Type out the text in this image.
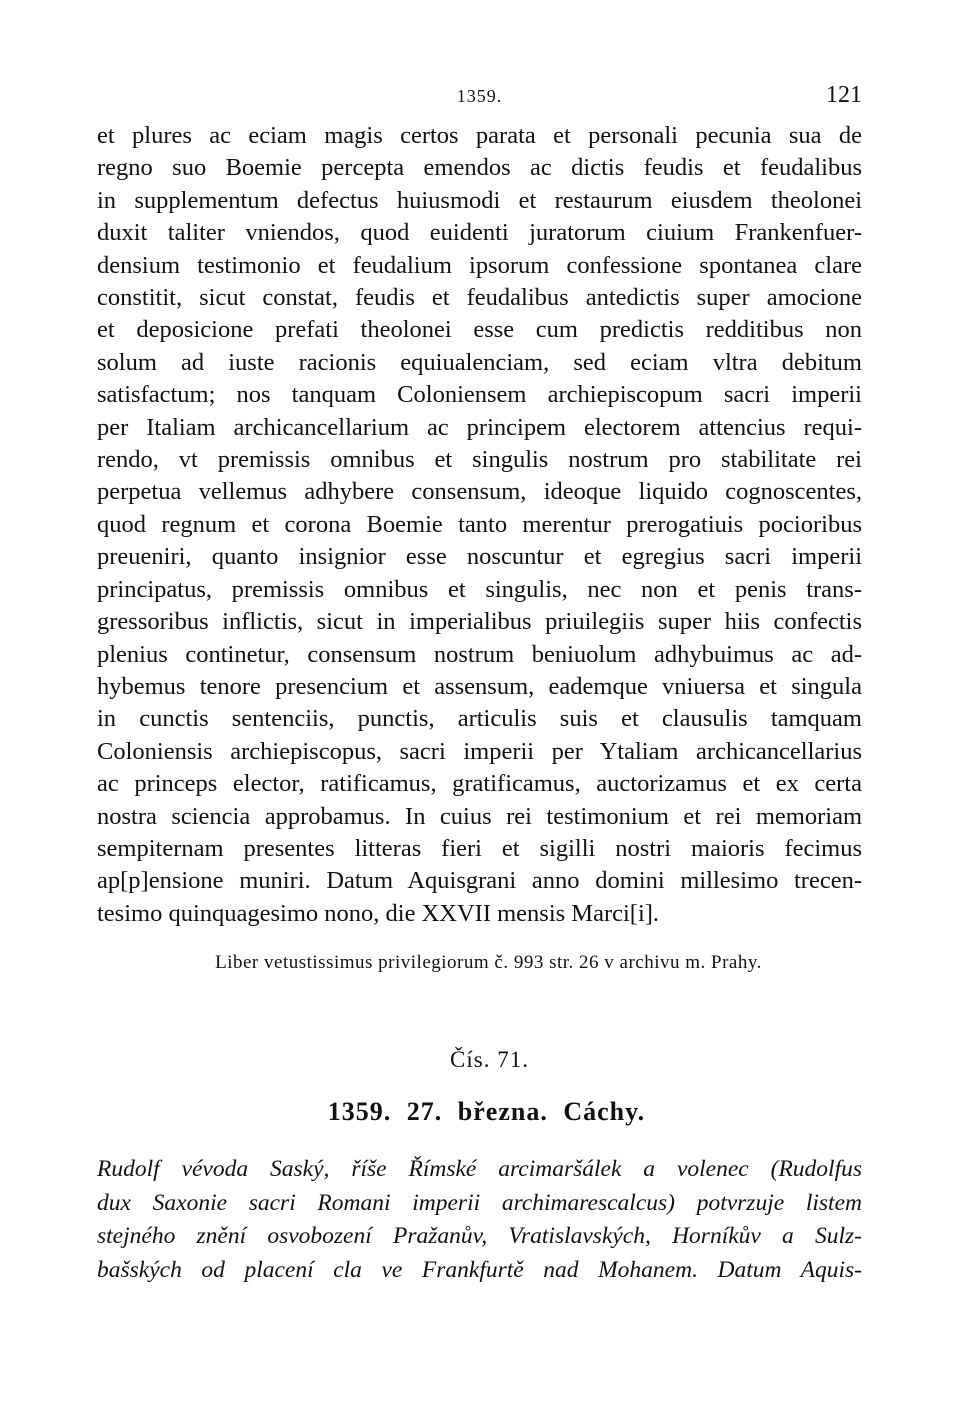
1359.	121
et plures ac eciam magis certos parata et personali pecunia sua de
regno suo Boemie percepta emendos ac dictis feudis et feudalibus
in supplementum defectus huiusmodi et restaurum eiusdem theolonei
duxit taliter vniendos, quod euidenti juratorum ciuium Frankenfuer-
densium testimonio et feudalium ipsorum confessione spontanea clare
constitit, sicut constat, feudis et feudalibus antedictis super amocione
et deposicione prefati theolonei esse cum predictis redditibus non
solum ad iuste racionis equiualenciam, sed eciam vltra debitum
satisfactum; nos tanquam Coloniensem archiepiscopum sacri imperii
per Italiam archicancellarium ac principem electorem attencius requi-
rendo, vt premissis omnibus et singulis nostrum pro stabilitate rei
perpetua vellemus adhybere consensum, ideoque liquido cognoscentes,
quod regnum et corona Boemie tanto merentur prerogatiuis pocioribus
preueniri, quanto insignior esse noscuntur et egregius sacri imperii
principatus, premissis omnibus et singulis, nec non et penis trans-
gressoribus inflictis, sicut in imperialibus priuilegiis super hiis confectis
plenius continetur, consensum nostrum beniuolum adhybuimus ac ad-
hybemus tenore presencium et assensum, eademque vniuersa et singula
in cunctis sentenciis, punctis, articulis suis et clausulis tamquam
Coloniensis archiepiscopus, sacri imperii per Ytaliam archicancellarius
ac princeps elector, ratificamus, gratificamus, auctorizamus et ex certa
nostra sciencia approbamus. In cuius rei testimonium et rei memoriam
sempiternam presentes litteras fieri et sigilli nostri maioris fecimus
ap[p]ensione muniri. Datum Aquisgrani anno domini millesimo trecen-
tesimo quinquagesimo nono, die XXVII mensis Marci[i].
Liber vetustissimus privilegiorum č. 993 str. 26 v archivu m. Prahy.
Čís. 71.
1359. 27. března. Cáchy.
Rudolf vévoda Saský, říše Římské arcimaršálek a volenec (Rudolfus
dux Saxonie sacri Romani imperii archimarescalcus) potvrzuje listem
stejného znění osvobození Pražanův, Vratislavských, Horníkův a Sulz-
bašských od placení cla ve Frankfurtě nad Mohanem. Datum Aquis-
